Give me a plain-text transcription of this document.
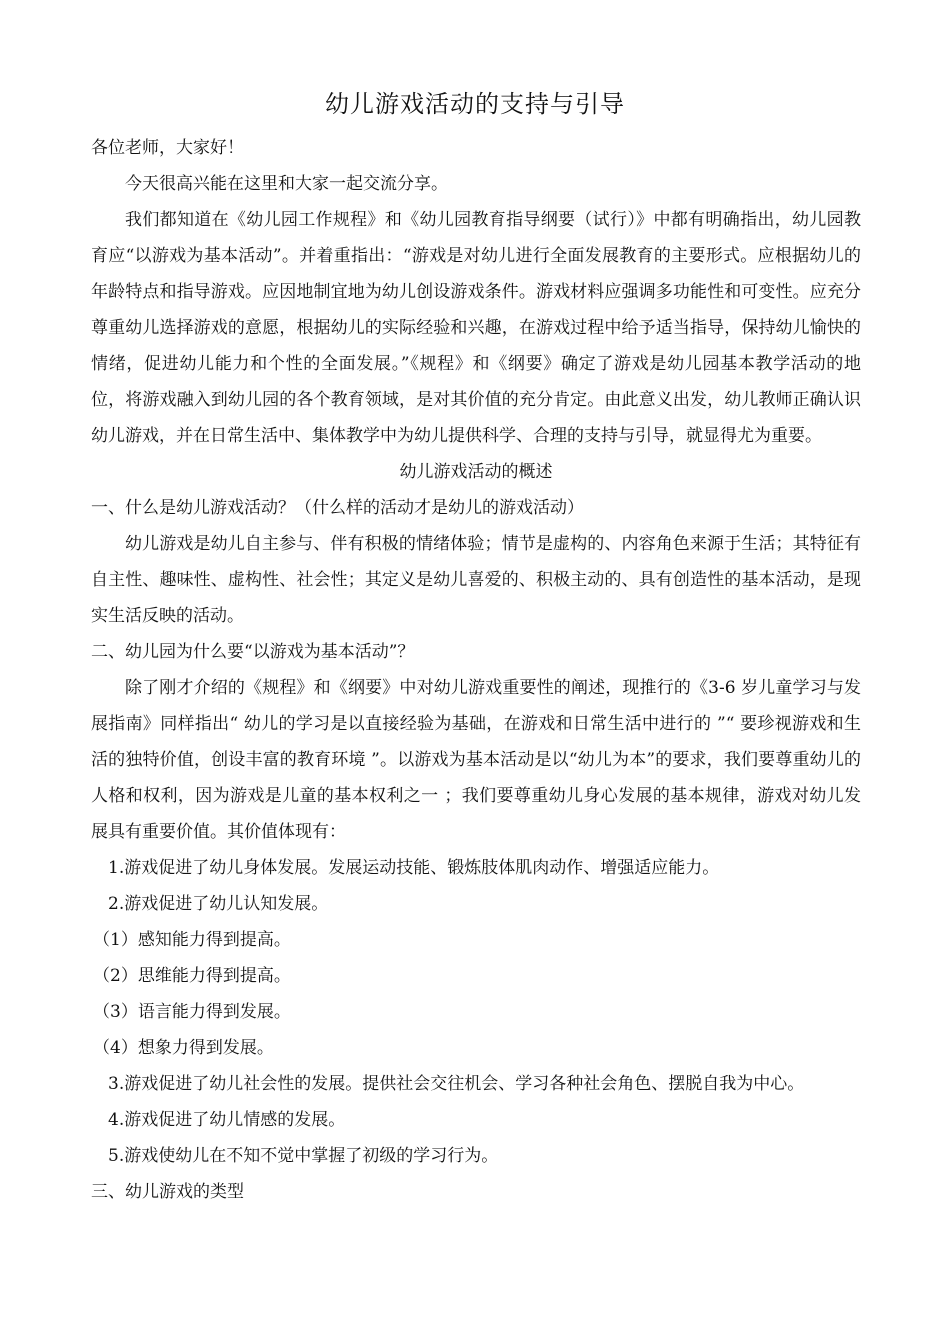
幼儿游戏活动的支持与引导

各位老师，大家好！

今天很高兴能在这里和大家一起交流分享。

我们都知道在《幼儿园工作规程》和《幼儿园教育指导纲要（试行）》中都有明确指出，幼儿园教育应“以游戏为基本活动”。并着重指出：“游戏是对幼儿进行全面发展教育的主要形式。应根据幼儿的年龄特点和指导游戏。应因地制宜地为幼儿创设游戏条件。游戏材料应强调多功能性和可变性。应充分尊重幼儿选择游戏的意愿，根据幼儿的实际经验和兴趣，在游戏过程中给予适当指导，保持幼儿愉快的情绪，促进幼儿能力和个性的全面发展。”《规程》和《纲要》确定了游戏是幼儿园基本教学活动的地位，将游戏融入到幼儿园的各个教育领域，是对其价值的充分肯定。由此意义出发，幼儿教师正确认识幼儿游戏，并在日常生活中、集体教学中为幼儿提供科学、合理的支持与引导，就显得尤为重要。

幼儿游戏活动的概述

一、什么是幼儿游戏活动？（什么样的活动才是幼儿的游戏活动）

幼儿游戏是幼儿自主参与、伴有积极的情绪体验；情节是虚构的、内容角色来源于生活；其特征有自主性、趣味性、虚构性、社会性；其定义是幼儿喜爱的、积极主动的、具有创造性的基本活动，是现实生活反映的活动。

二、幼儿园为什么要“以游戏为基本活动”？

除了刚才介绍的《规程》和《纲要》中对幼儿游戏重要性的阐述，现推行的《3-6 岁儿童学习与发展指南》同样指出“ 幼儿的学习是以直接经验为基础，在游戏和日常生活中进行的 ”“ 要珍视游戏和生活的独特价值，创设丰富的教育环境 ”。以游戏为基本活动是以“幼儿为本”的要求，我们要尊重幼儿的人格和权利，因为游戏是儿童的基本权利之一 ；我们要尊重幼儿身心发展的基本规律，游戏对幼儿发展具有重要价值。其价值体现有：

1.游戏促进了幼儿身体发展。发展运动技能、锻炼肢体肌肉动作、增强适应能力。

2.游戏促进了幼儿认知发展。

（1）感知能力得到提高。

（2）思维能力得到提高。

（3）语言能力得到发展。

（4）想象力得到发展。

3.游戏促进了幼儿社会性的发展。提供社会交往机会、学习各种社会角色、摆脱自我为中心。

4.游戏促进了幼儿情感的发展。

5.游戏使幼儿在不知不觉中掌握了初级的学习行为。

三、幼儿游戏的类型
